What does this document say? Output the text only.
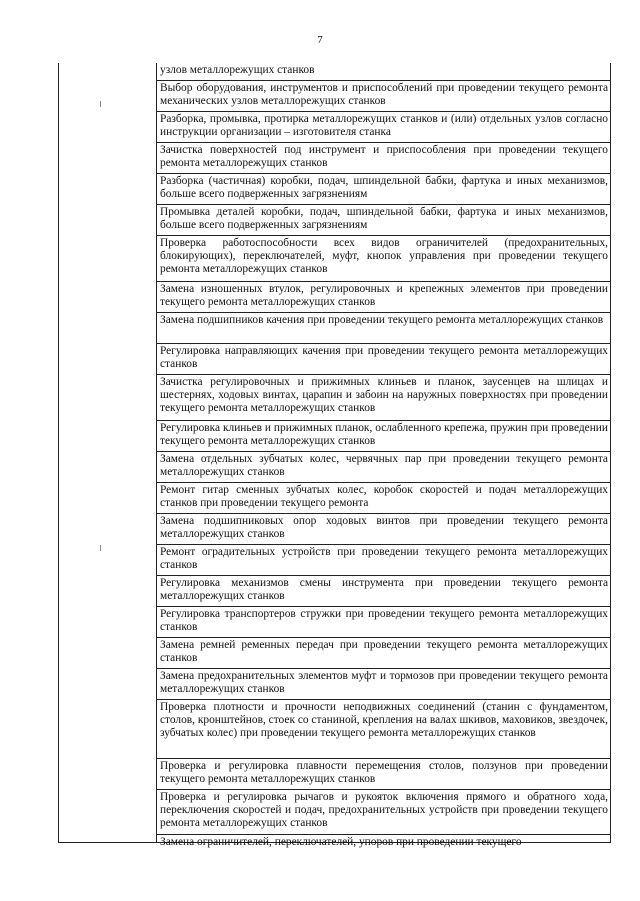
7
узлов металлорежущих станков
Выбор оборудования, инструментов и приспособлений при проведении текущего ремонта механических узлов металлорежущих станков
Разборка, промывка, протирка металлорежущих станков и (или) отдельных узлов согласно инструкции организации – изготовителя станка
Зачистка поверхностей под инструмент и приспособления при проведении текущего ремонта металлорежущих станков
Разборка (частичная) коробки, подач, шпиндельной бабки, фартука и иных механизмов, больше всего подверженных загрязнениям
Промывка деталей коробки, подач, шпиндельной бабки, фартука и иных механизмов, больше всего подверженных загрязнениям
Проверка работоспособности всех видов ограничителей (предохранительных, блокирующих), переключателей, муфт, кнопок управления при проведении текущего ремонта металлорежущих станков
Замена изношенных втулок, регулировочных и крепежных элементов при проведении текущего ремонта металлорежущих станков
Замена подшипников качения при проведении текущего ремонта металлорежущих станков
Регулировка направляющих качения при проведении текущего ремонта металлорежущих станков
Зачистка регулировочных и прижимных клиньев и планок, заусенцев на шлицах и шестернях, ходовых винтах, царапин и забоин на наружных поверхностях при проведении текущего ремонта металлорежущих станков
Регулировка клиньев и прижимных планок, ослабленного крепежа, пружин при проведении текущего ремонта металлорежущих станков
Замена отдельных зубчатых колес, червячных пар при проведении текущего ремонта металлорежущих станков
Ремонт гитар сменных зубчатых колес, коробок скоростей и подач металлорежущих станков при проведении текущего ремонта
Замена подшипниковых опор ходовых винтов при проведении текущего ремонта металлорежущих станков
Ремонт оградительных устройств при проведении текущего ремонта металлорежущих станков
Регулировка механизмов смены инструмента при проведении текущего ремонта металлорежущих станков
Регулировка транспортеров стружки при проведении текущего ремонта металлорежущих станков
Замена ремней ременных передач при проведении текущего ремонта металлорежущих станков
Замена предохранительных элементов муфт и тормозов при проведении текущего ремонта металлорежущих станков
Проверка плотности и прочности неподвижных соединений (станин с фундаментом, столов, кронштейнов, стоек со станиной, крепления на валах шкивов, маховиков, звездочек, зубчатых колес) при проведении текущего ремонта металлорежущих станков
Проверка и регулировка плавности перемещения столов, ползунов при проведении текущего ремонта металлорежущих станков
Проверка и регулировка рычагов и рукояток включения прямого и обратного хода, переключения скоростей и подач, предохранительных устройств при проведении текущего ремонта металлорежущих станков
Замена ограничителей, переключателей, упоров при проведении текущего
